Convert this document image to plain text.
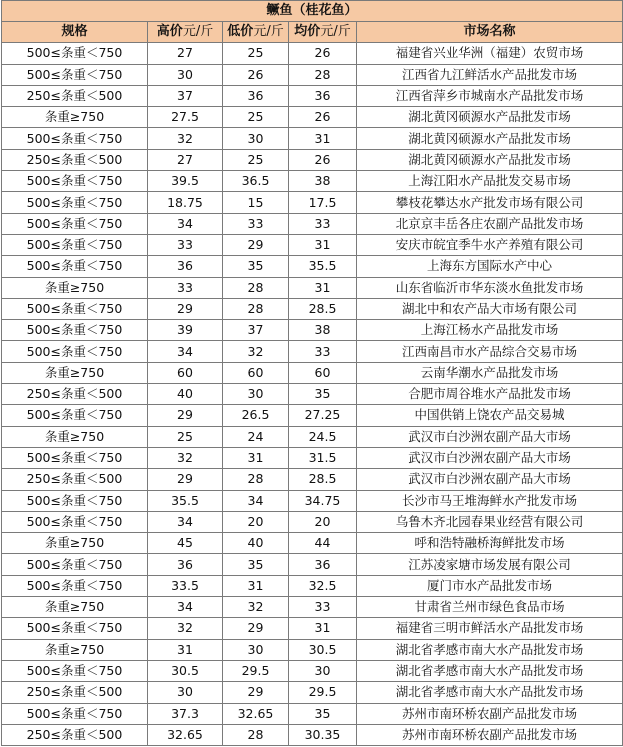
鳜鱼（桂花鱼）				
规格	高价元/斤	低价元/斤	均价元/斤	市场名称
500≤条重＜750	27	25	26	福建省兴业华洲（福建）农贸市场
500≤条重＜750	30	26	28	江西省九江鲜活水产品批发市场
250≤条重＜500	37	36	36	江西省萍乡市城南水产品批发市场
条重≥750	27.5	25	26	湖北黄冈硕源水产品批发市场
500≤条重＜750	32	30	31	湖北黄冈硕源水产品批发市场
250≤条重＜500	27	25	26	湖北黄冈硕源水产品批发市场
500≤条重＜750	39.5	36.5	38	上海江阳水产品批发交易市场
500≤条重＜750	18.75	15	17.5	攀枝花攀达水产批发市场有限公司
500≤条重＜750	34	33	33	北京京丰岳各庄农副产品批发市场
500≤条重＜750	33	29	31	安庆市皖宜季牛水产养殖有限公司
500≤条重＜750	36	35	35.5	上海东方国际水产中心
条重≥750	33	28	31	山东省临沂市华东淡水鱼批发市场
500≤条重＜750	29	28	28.5	湖北中和农产品大市场有限公司
500≤条重＜750	39	37	38	上海江杨水产品批发市场
500≤条重＜750	34	32	33	江西南昌市水产品综合交易市场
条重≥750	60	60	60	云南华潮水产品批发市场
250≤条重＜500	40	30	35	合肥市周谷堆水产品批发市场
500≤条重＜750	29	26.5	27.25	中国供销上饶农产品交易城
条重≥750	25	24	24.5	武汉市白沙洲农副产品大市场
500≤条重＜750	32	31	31.5	武汉市白沙洲农副产品大市场
250≤条重＜500	29	28	28.5	武汉市白沙洲农副产品大市场
500≤条重＜750	35.5	34	34.75	长沙市马王堆海鲜水产批发市场
500≤条重＜750	34	20	20	乌鲁木齐北园春果业经营有限公司
条重≥750	45	40	44	呼和浩特融桥海鲜批发市场
500≤条重＜750	36	35	36	江苏凌家塘市场发展有限公司
500≤条重＜750	33.5	31	32.5	厦门市水产品批发市场
条重≥750	34	32	33	甘肃省兰州市绿色食品市场
500≤条重＜750	32	29	31	福建省三明市鲜活水产品批发市场
条重≥750	31	30	30.5	湖北省孝感市南大水产品批发市场
500≤条重＜750	30.5	29.5	30	湖北省孝感市南大水产品批发市场
250≤条重＜500	30	29	29.5	湖北省孝感市南大水产品批发市场
500≤条重＜750	37.3	32.65	35	苏州市南环桥农副产品批发市场
250≤条重＜500	32.65	28	30.35	苏州市南环桥农副产品批发市场
